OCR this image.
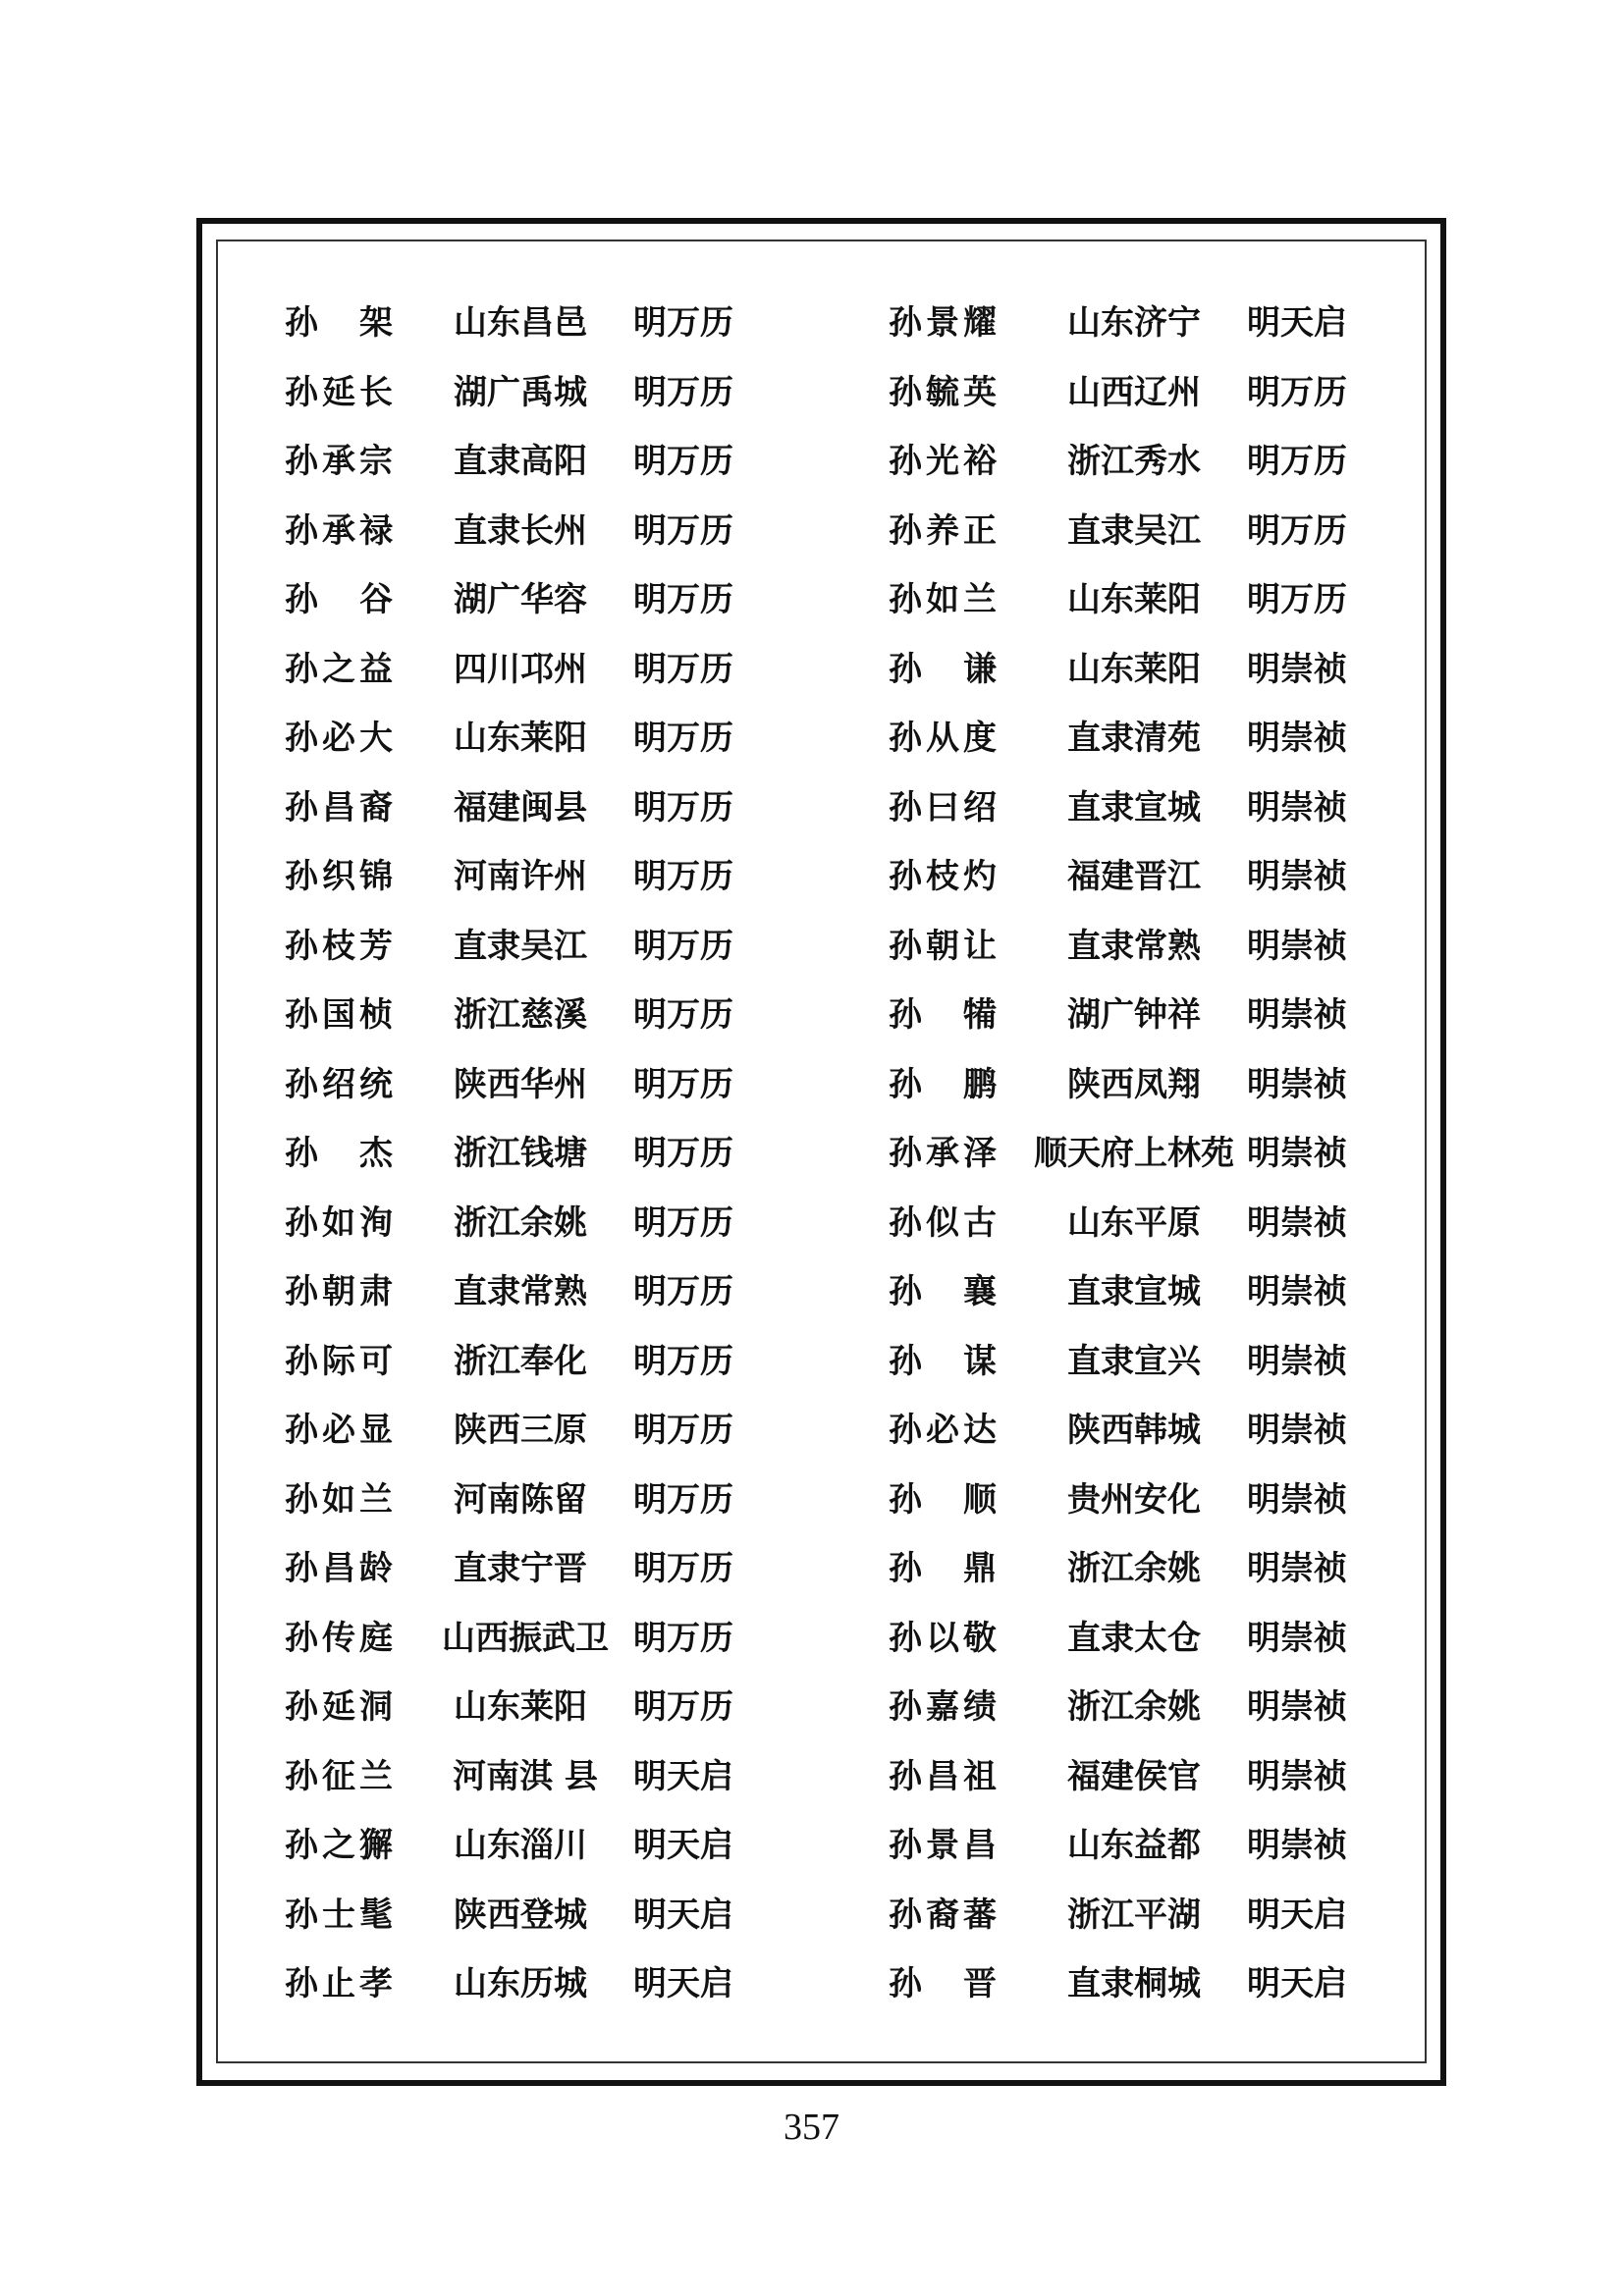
孙架	山东昌邑	明万历
孙延长	湖广禹城	明万历
孙承宗	直隶高阳	明万历
孙承禄	直隶长州	明万历
孙谷	湖广华容	明万历
孙之益	四川邛州	明万历
孙必大	山东莱阳	明万历
孙昌裔	福建闽县	明万历
孙织锦	河南许州	明万历
孙枝芳	直隶吴江	明万历
孙国桢	浙江慈溪	明万历
孙绍统	陕西华州	明万历
孙杰	浙江钱塘	明万历
孙如洵	浙江余姚	明万历
孙朝肃	直隶常熟	明万历
孙际可	浙江奉化	明万历
孙必显	陕西三原	明万历
孙如兰	河南陈留	明万历
孙昌龄	直隶宁晋	明万历
孙传庭	山西振武卫 明万历
孙延洞	山东莱阳	明万历
孙征兰	河南淇 县	明天启
孙之獬	山东淄川	明天启
孙士髦	陕西登城	明天启
孙止孝	山东历城	明天启
孙景耀	山东济宁	明天启
孙毓英	山西辽州	明万历
孙光裕	浙江秀水	明万历
孙养正	直隶吴江	明万历
孙如兰	山东莱阳	明万历
孙谦	山东莱阳	明崇祯
孙从度	直隶清苑	明崇祯
孙曰绍	直隶宣城	明崇祯
孙枝灼	福建晋江	明崇祯
孙朝让	直隶常熟	明崇祯
孙犕	湖广钟祥	明崇祯
孙鹏	陕西凤翔	明崇祯
孙承泽	顺天府上林苑 明崇祯
孙似古	山东平原	明崇祯
孙襄	直隶宣城	明崇祯
孙谋	直隶宣兴	明崇祯
孙必达	陕西韩城	明崇祯
孙顺	贵州安化	明崇祯
孙鼎	浙江余姚	明崇祯
孙以敬	直隶太仓	明崇祯
孙嘉绩	浙江余姚	明崇祯
孙昌祖	福建侯官	明崇祯
孙景昌	山东益都	明崇祯
孙裔蕃	浙江平湖	明天启
孙晋	直隶桐城	明天启
357
